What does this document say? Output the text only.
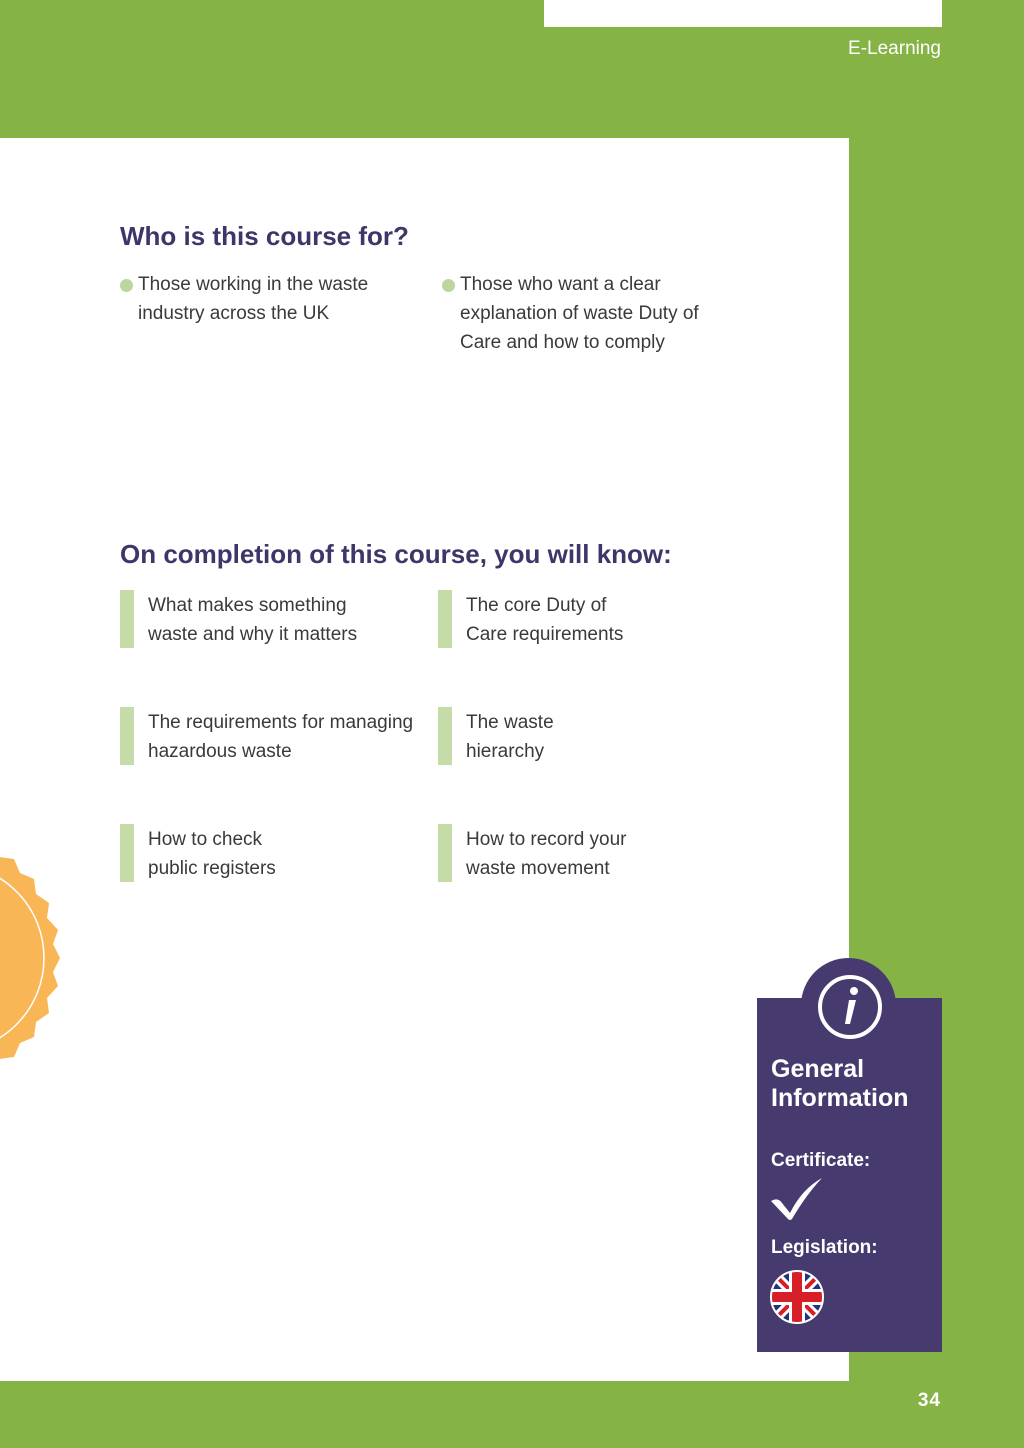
E-Learning
Who is this course for?
Those working in the waste industry across the UK
Those who want a clear explanation of waste Duty of Care and how to comply
On completion of this course, you will know:
What makes something waste and why it matters
The core Duty of Care requirements
The requirements for managing hazardous waste
The waste hierarchy
How to check public registers
How to record your waste movement
General Information
Certificate:
Legislation:
34
